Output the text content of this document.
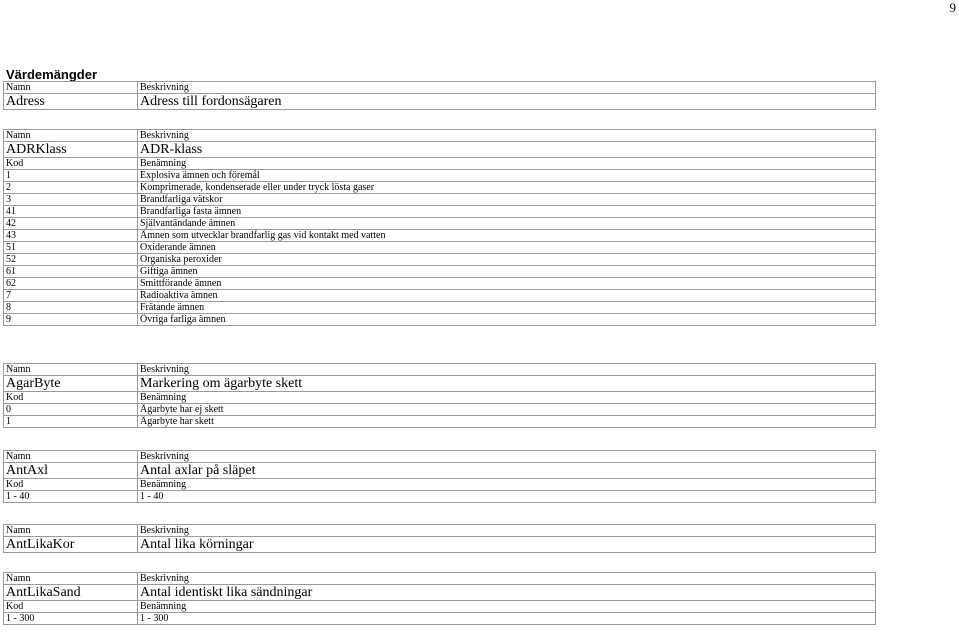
9
Värdemängder
Namn	Beskrivning
Adress	Adress till fordonsägaren
Namn	Beskrivning
ADRKlass	ADR-klass
Kod	Benämning
1	Explosiva ämnen och föremål
2	Komprimerade, kondenserade eller under tryck lösta gaser
3	Brandfarliga vätskor
41	Brandfarliga fasta ämnen
42	Självantändande ämnen
43	Ämnen som utvecklar brandfarlig gas vid kontakt med vatten
51	Oxiderande ämnen
52	Organiska peroxider
61	Giftiga ämnen
62	Smittförande ämnen
7	Radioaktiva ämnen
8	Frätande ämnen
9	Övriga farliga ämnen
Namn	Beskrivning
AgarByte	Markering om ägarbyte skett
Kod	Benämning
0	Ägarbyte har ej skett
1	Ägarbyte har skett
Namn	Beskrivning
AntAxl	Antal axlar på släpet
Kod	Benämning
1 - 40	1 - 40
Namn	Beskrivning
AntLikaKor	Antal lika körningar
Namn	Beskrivning
AntLikaSand	Antal identiskt lika sändningar
Kod	Benämning
1 - 300	1 - 300
